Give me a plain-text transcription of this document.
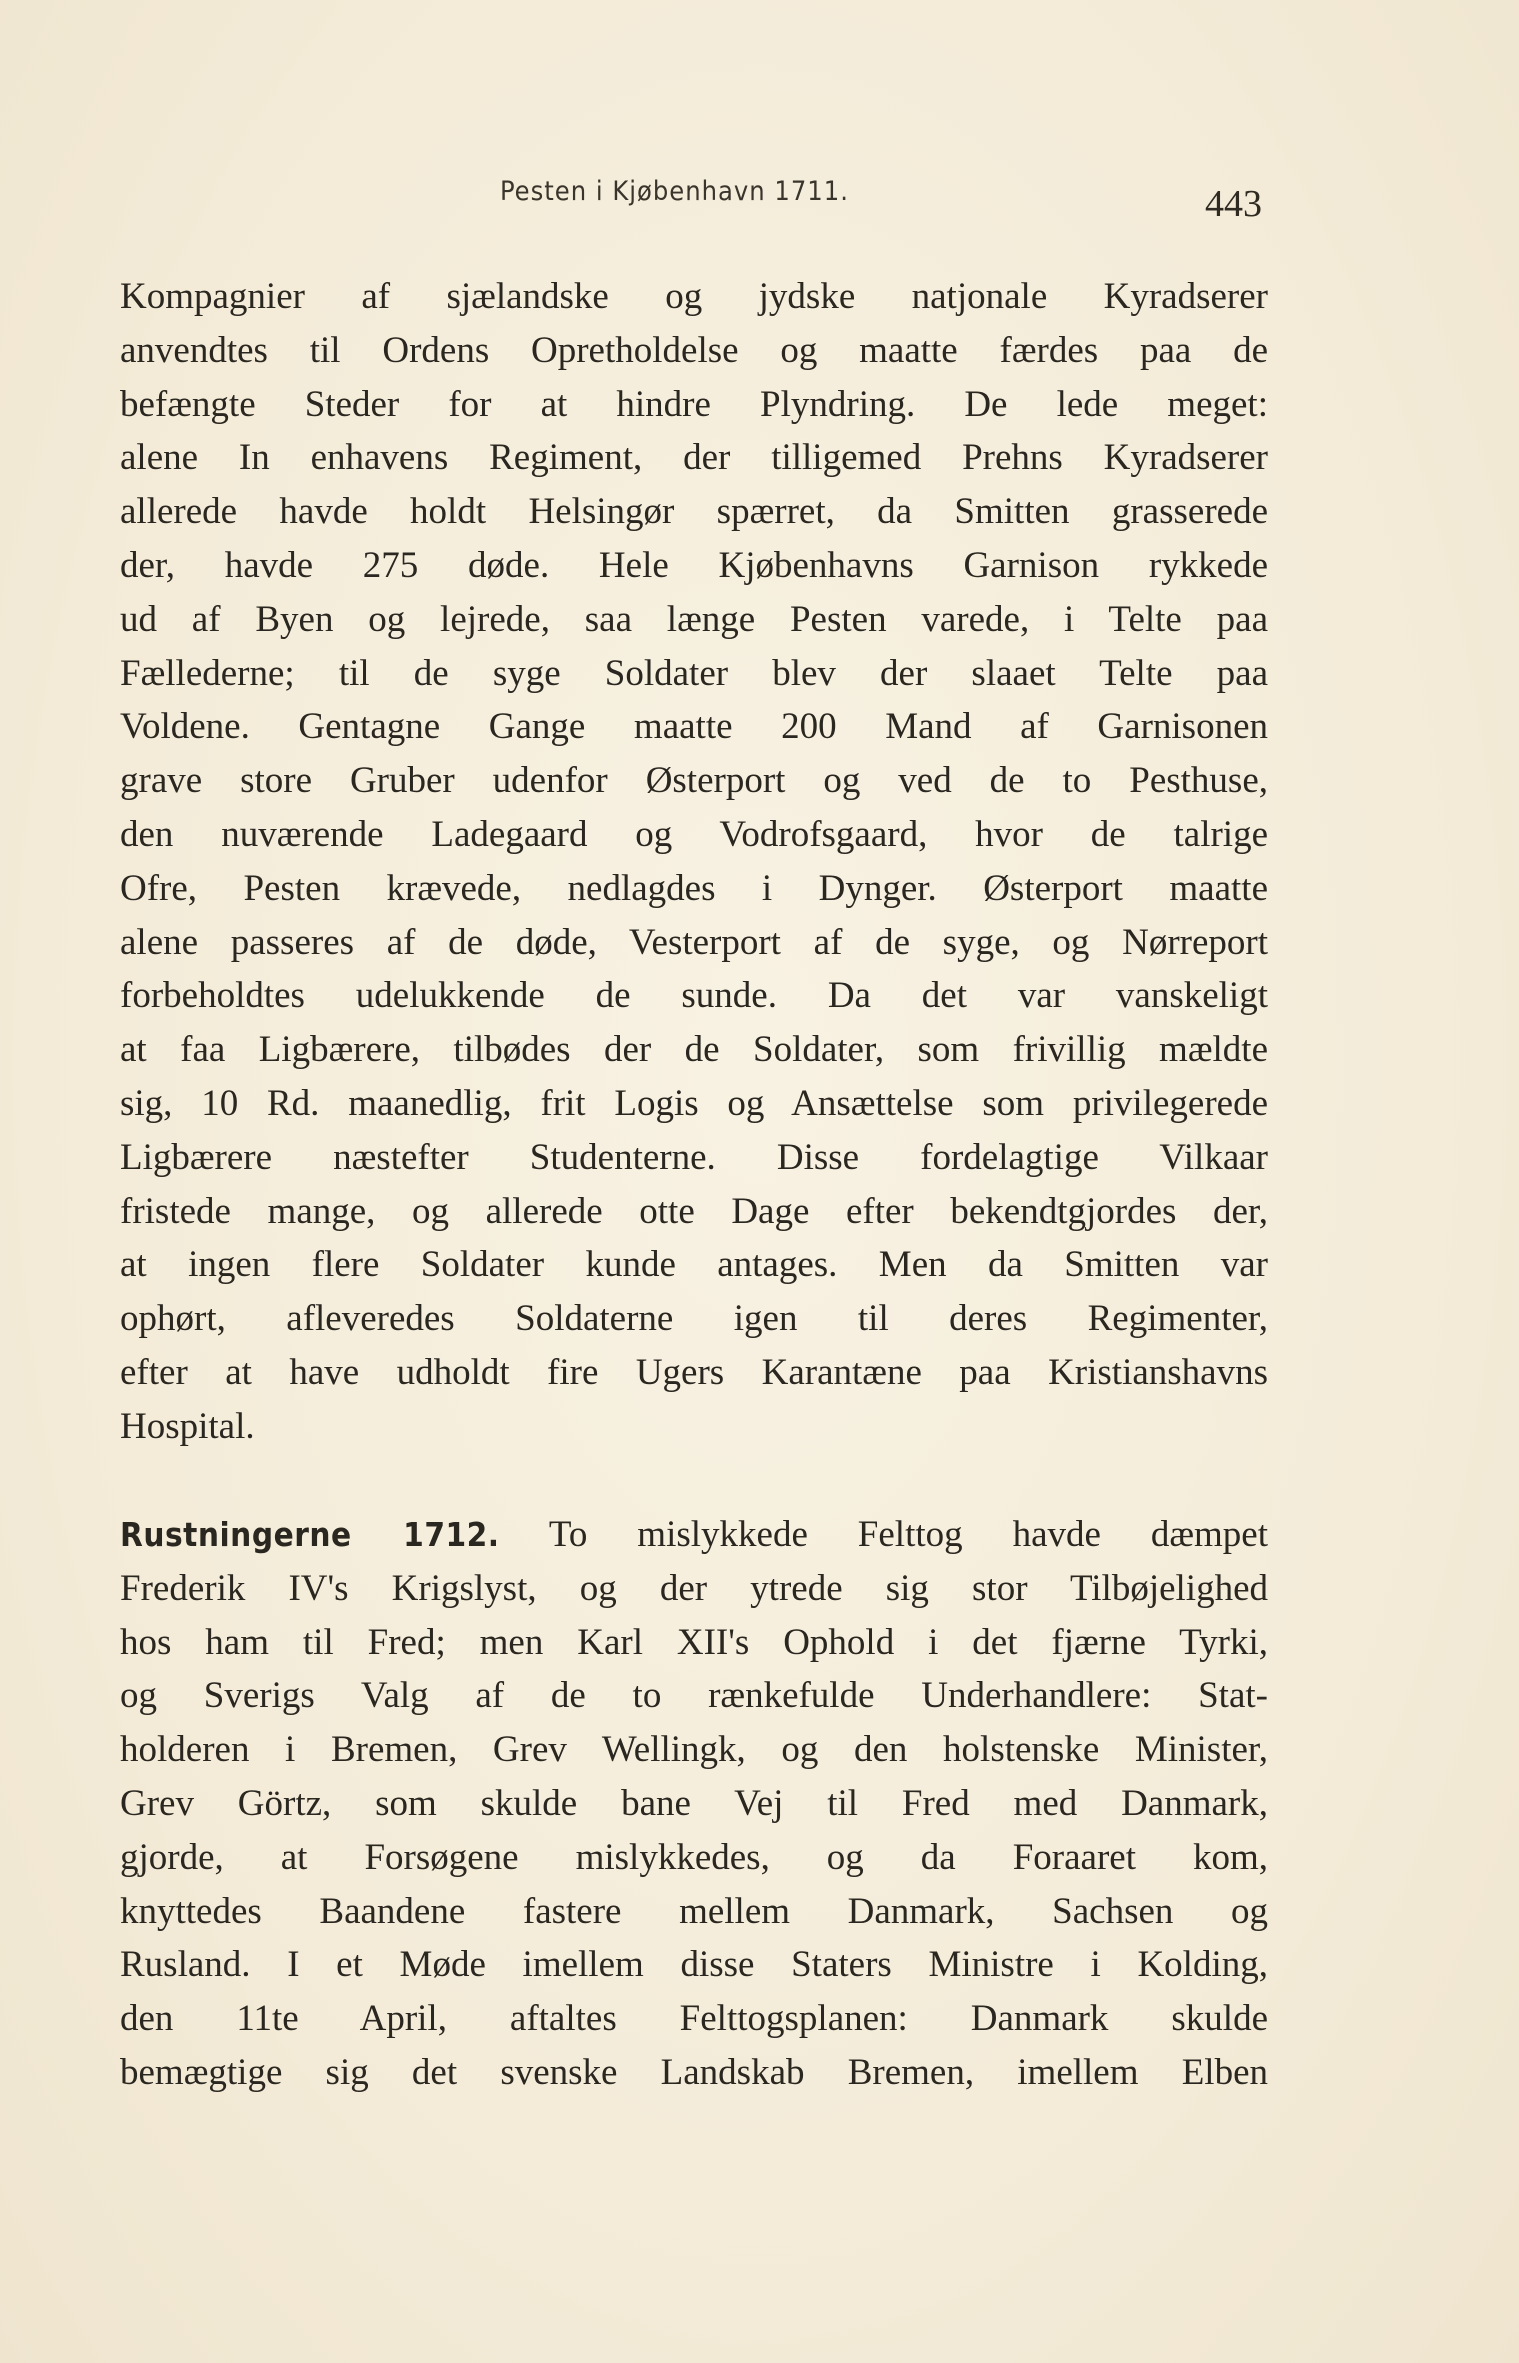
Pesten i Kjøbenhavn 1711.	443
Kompagnier af sjælandske og jydske natjonale Kyradserer
anvendtes til Ordens Opretholdelse og maatte færdes paa de
befængte Steder for at hindre Plyndring. De lede meget:
alene In enhavens Regiment, der tilligemed Prehns Kyradserer
allerede havde holdt Helsingør spærret, da Smitten grasserede
der, havde 275 døde. Hele Kjøbenhavns Garnison rykkede
ud af Byen og lejrede, saa længe Pesten varede, i Telte paa
Fællederne; til de syge Soldater blev der slaaet Telte paa
Voldene. Gentagne Gange maatte 200 Mand af Garnisonen
grave store Gruber udenfor Østerport og ved de to Pesthuse,
den nuværende Ladegaard og Vodrofsgaard, hvor de talrige
Ofre, Pesten krævede, nedlagdes i Dynger. Østerport maatte
alene passeres af de døde, Vesterport af de syge, og Nørreport
forbeholdtes udelukkende de sunde. Da det var vanskeligt
at faa Ligbærere, tilbødes der de Soldater, som frivillig mældte
sig, 10 Rd. maanedlig, frit Logis og Ansættelse som privilegerede
Ligbærere næstefter Studenterne. Disse fordelagtige Vilkaar
fristede mange, og allerede otte Dage efter bekendtgjordes der,
at ingen flere Soldater kunde antages. Men da Smitten var
ophørt, afleveredes Soldaterne igen til deres Regimenter,
efter at have udholdt fire Ugers Karantæne paa Kristianshavns
Hospital.
Rustningerne 1712. To mislykkede Felttog havde dæmpet
Frederik IV's Krigslyst, og der ytrede sig stor Tilbøjelighed
hos ham til Fred; men Karl XII's Ophold i det fjærne Tyrki,
og Sverigs Valg af de to rænkefulde Underhandlere: Stat-
holderen i Bremen, Grev Wellingk, og den holstenske Minister,
Grev Görtz, som skulde bane Vej til Fred med Danmark,
gjorde, at Forsøgene mislykkedes, og da Foraaret kom,
knyttedes Baandene fastere mellem Danmark, Sachsen og
Rusland. I et Møde imellem disse Staters Ministre i Kolding,
den 11te April, aftaltes Felttogsplanen: Danmark skulde
bemægtige sig det svenske Landskab Bremen, imellem Elben
